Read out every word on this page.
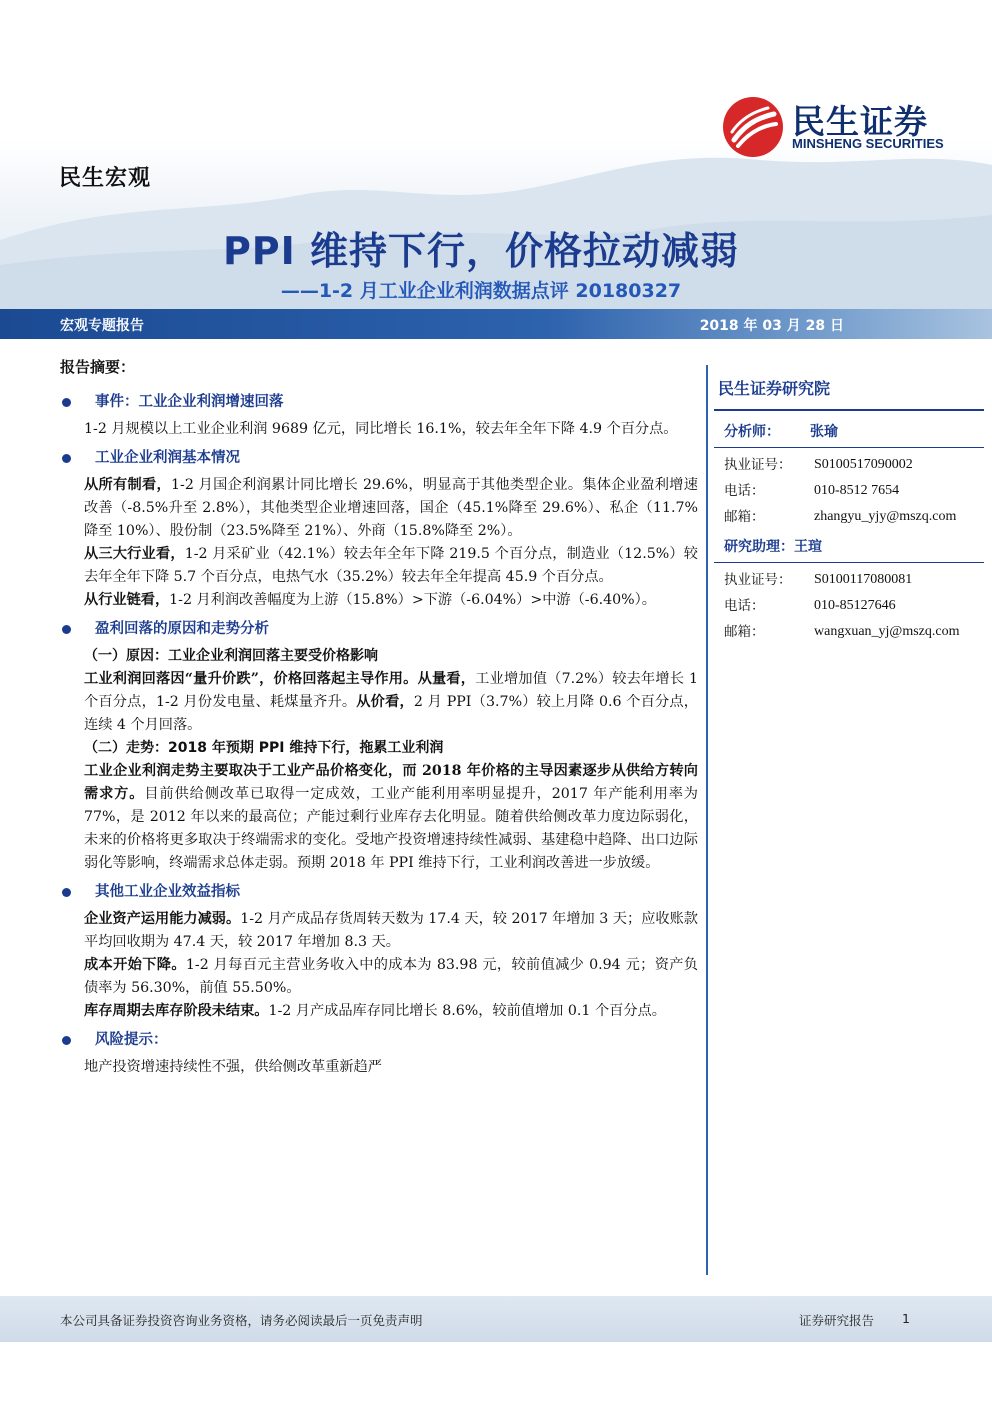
民生证券
MINSHENG SECURITIES
民生宏观
PPI 维持下行，价格拉动减弱
——1-2 月工业企业利润数据点评 20180327
宏观专题报告	2018 年 03 月 28 日
报告摘要：
事件：工业企业利润增速回落

1-2 月规模以上工业企业利润 9689 亿元，同比增长 16.1%，较去年全年下降 4.9 个百分点。

工业企业利润基本情况

从所有制看，1-2 月国企利润累计同比增长 29.6%，明显高于其他类型企业。集体企业盈利增速改善（-8.5%升至 2.8%），其他类型企业增速回落，国企（45.1%降至 29.6%）、私企（11.7%降至 10%）、股份制（23.5%降至 21%）、外商（15.8%降至 2%）。

从三大行业看，1-2 月采矿业（42.1%）较去年全年下降 219.5 个百分点，制造业（12.5%）较去年全年下降 5.7 个百分点，电热气水（35.2%）较去年全年提高 45.9 个百分点。

从行业链看，1-2 月利润改善幅度为上游（15.8%）>下游（-6.04%）>中游（-6.40%）。

盈利回落的原因和走势分析
（一）原因：工业企业利润回落主要受价格影响

工业利润回落因“量升价跌”，价格回落起主导作用。从量看，工业增加值（7.2%）较去年增长 1 个百分点，1-2 月份发电量、耗煤量齐升。从价看，2 月 PPI（3.7%）较上月降 0.6 个百分点，连续 4 个月回落。

（二）走势：2018 年预期 PPI 维持下行，拖累工业利润

工业企业利润走势主要取决于工业产品价格变化，而 2018 年价格的主导因素逐步从供给方转向需求方。目前供给侧改革已取得一定成效，工业产能利用率明显提升，2017 年产能利用率为 77%，是 2012 年以来的最高位；产能过剩行业库存去化明显。随着供给侧改革力度边际弱化，未来的价格将更多取决于终端需求的变化。受地产投资增速持续性减弱、基建稳中趋降、出口边际弱化等影响，终端需求总体走弱。预期 2018 年 PPI 维持下行，工业利润改善进一步放缓。

其他工业企业效益指标

企业资产运用能力减弱。1-2 月产成品存货周转天数为 17.4 天，较 2017 年增加 3 天；应收账款平均回收期为 47.4 天，较 2017 年增加 8.3 天。

成本开始下降。1-2 月每百元主营业务收入中的成本为 83.98 元，较前值减少 0.94 元；资产负债率为 56.30%，前值 55.50%。

库存周期去库存阶段未结束。1-2 月产成品库存同比增长 8.6%，较前值增加 0.1 个百分点。

风险提示：

地产投资增速持续性不强，供给侧改革重新趋严

民生证券研究院
分析师： 张瑜
执业证号：	S0100517090002
电话：	010-8512 7654
邮箱：	zhangyu_yjy@mszq.com
研究助理：王瑄
执业证号：	S0100117080081
电话：	010-85127646
邮箱：	wangxuan_yj@mszq.com
本公司具备证券投资咨询业务资格，请务必阅读最后一页免责声明	证券研究报告 1
